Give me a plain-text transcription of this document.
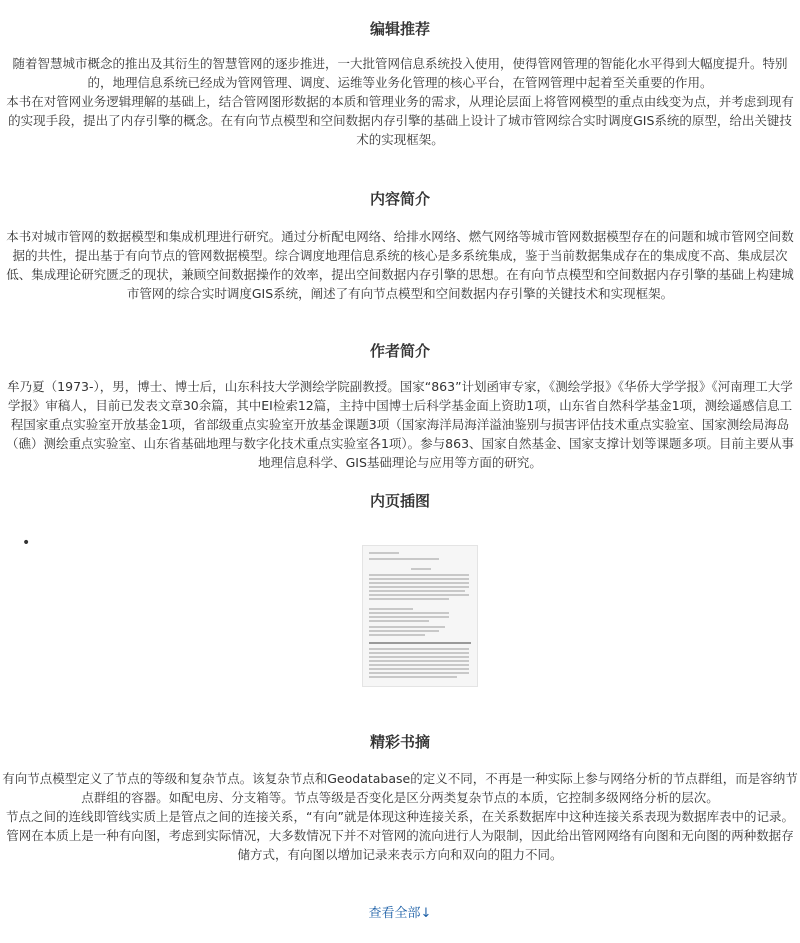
编辑推荐

随着智慧城市概念的推出及其衍生的智慧管网的逐步推进，一大批管网信息系统投入使用，使得管网管理的智能化水平得到大幅度提升。特别的，地理信息系统已经成为管网管理、调度、运维等业务化管理的核心平台，在管网管理中起着至关重要的作用。

本书在对管网业务逻辑理解的基础上，结合管网图形数据的本质和管理业务的需求，从理论层面上将管网模型的重点由线变为点，并考虑到现有的实现手段，提出了内存引擎的概念。在有向节点模型和空间数据内存引擎的基础上设计了城市管网综合实时调度GIS系统的原型，给出关键技术的实现框架。

内容简介

本书对城市管网的数据模型和集成机理进行研究。通过分析配电网络、给排水网络、燃气网络等城市管网数据模型存在的问题和城市管网空间数据的共性，提出基于有向节点的管网数据模型。综合调度地理信息系统的核心是多系统集成，鉴于当前数据集成存在的集成度不高、集成层次低、集成理论研究匮乏的现状，兼顾空间数据操作的效率，提出空间数据内存引擎的思想。在有向节点模型和空间数据内存引擎的基础上构建城市管网的综合实时调度GIS系统，阐述了有向节点模型和空间数据内存引擎的关键技术和实现框架。

作者简介

牟乃夏（1973-），男，博士、博士后，山东科技大学测绘学院副教授。国家“863”计划函审专家，《测绘学报》《华侨大学学报》《河南理工大学学报》审稿人，目前已发表文章30余篇，其中EI检索12篇，主持中国博士后科学基金面上资助1项，山东省自然科学基金1项，测绘遥感信息工程国家重点实验室开放基金1项，省部级重点实验室开放基金课题3项（国家海洋局海洋溢油鉴别与损害评估技术重点实验室、国家测绘局海岛（礁）测绘重点实验室、山东省基础地理与数字化技术重点实验室各1项）。参与863、国家自然基金、国家支撑计划等课题多项。目前主要从事地理信息科学、GIS基础理论与应用等方面的研究。

内页插图
•
精彩书摘

有向节点模型定义了节点的等级和复杂节点。该复杂节点和Geodatabase的定义不同，不再是一种实际上参与网络分析的节点群组，而是容纳节点群组的容器。如配电房、分支箱等。节点等级是否变化是区分两类复杂节点的本质，它控制多级网络分析的层次。

节点之间的连线即管线实质上是管点之间的连接关系，“有向”就是体现这种连接关系，在关系数据库中这种连接关系表现为数据库表中的记录。管网在本质上是一种有向图，考虑到实际情况，大多数情况下并不对管网的流向进行人为限制，因此给出管网网络有向图和无向图的两种数据存储方式，有向图以增加记录来表示方向和双向的阻力不同。

查看全部↓
